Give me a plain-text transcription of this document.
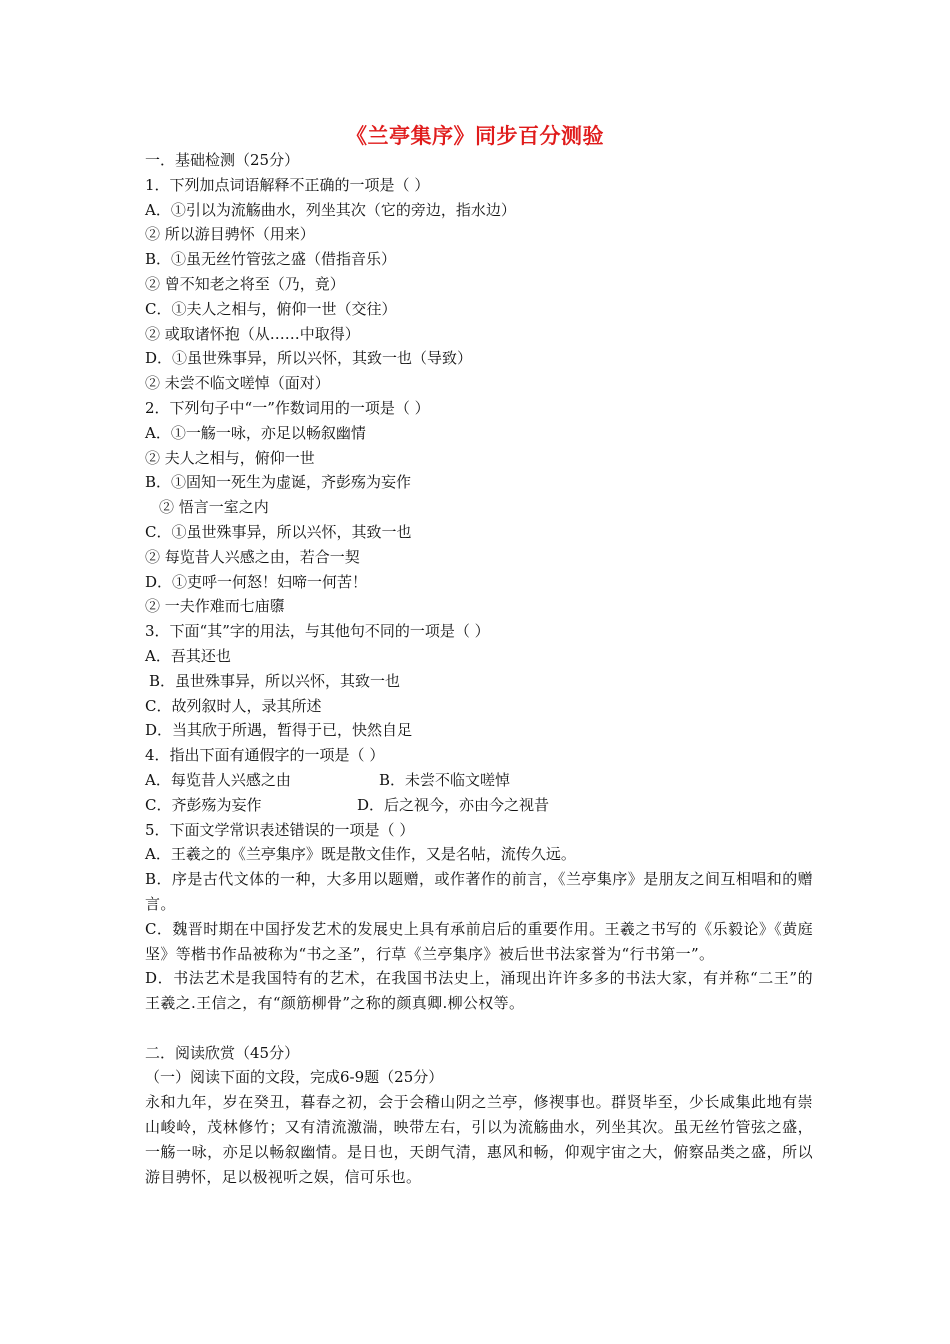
《兰亭集序》同步百分测验

一．基础检测（25分）

1．下列加点词语解释不正确的一项是（ ）

A．①引以为流觞曲水，列坐其次（它的旁边，指水边）

② 所以游目骋怀（用来）

B．①虽无丝竹管弦之盛（借指音乐）

② 曾不知老之将至（乃，竟）

C．①夫人之相与，俯仰一世（交往）

② 或取诸怀抱（从……中取得）

D．①虽世殊事异，所以兴怀，其致一也（导致）

② 未尝不临文嗟悼（面对）

2．下列句子中“一”作数词用的一项是（ ）

A．①一觞一咏，亦足以畅叙幽情

② 夫人之相与，俯仰一世

B．①固知一死生为虚诞，齐彭殇为妄作

② 悟言一室之内

C．①虽世殊事异，所以兴怀，其致一也

② 每览昔人兴感之由，若合一契

D．①吏呼一何怒！妇啼一何苦！

② 一夫作难而七庙隳

3．下面“其”字的用法，与其他句不同的一项是（ ）

A．吾其还也

B．虽世殊事异，所以兴怀，其致一也

C．故列叙时人，录其所述

D．当其欣于所遇，暂得于已，快然自足

4．指出下面有通假字的一项是（ ）

A．每览昔人兴感之由	B．未尝不临文嗟悼

C．齐彭殇为妄作	D．后之视今，亦由今之视昔

5．下面文学常识表述错误的一项是（ ）

A．王羲之的《兰亭集序》既是散文佳作，又是名帖，流传久远。

B．序是古代文体的一种，大多用以题赠，或作著作的前言，《兰亭集序》是朋友之间互相唱和的赠言。

C．魏晋时期在中国抒发艺术的发展史上具有承前启后的重要作用。王羲之书写的《乐毅论》《黄庭坚》等楷书作品被称为“书之圣”，行草《兰亭集序》被后世书法家誉为“行书第一”。

D．书法艺术是我国特有的艺术，在我国书法史上，涌现出许许多多的书法大家，有并称“二王”的王羲之.王信之，有“颜筋柳骨”之称的颜真卿.柳公权等。

二．阅读欣赏（45分）

（一）阅读下面的文段，完成6-9题（25分）

永和九年，岁在癸丑，暮春之初，会于会稽山阴之兰亭，修禊事也。群贤毕至，少长咸集此地有崇山峻岭，茂林修竹；又有清流激湍，映带左右，引以为流觞曲水，列坐其次。虽无丝竹管弦之盛，一觞一咏，亦足以畅叙幽情。是日也，天朗气清，惠风和畅，仰观宇宙之大，俯察品类之盛，所以游目骋怀，足以极视听之娱，信可乐也。
